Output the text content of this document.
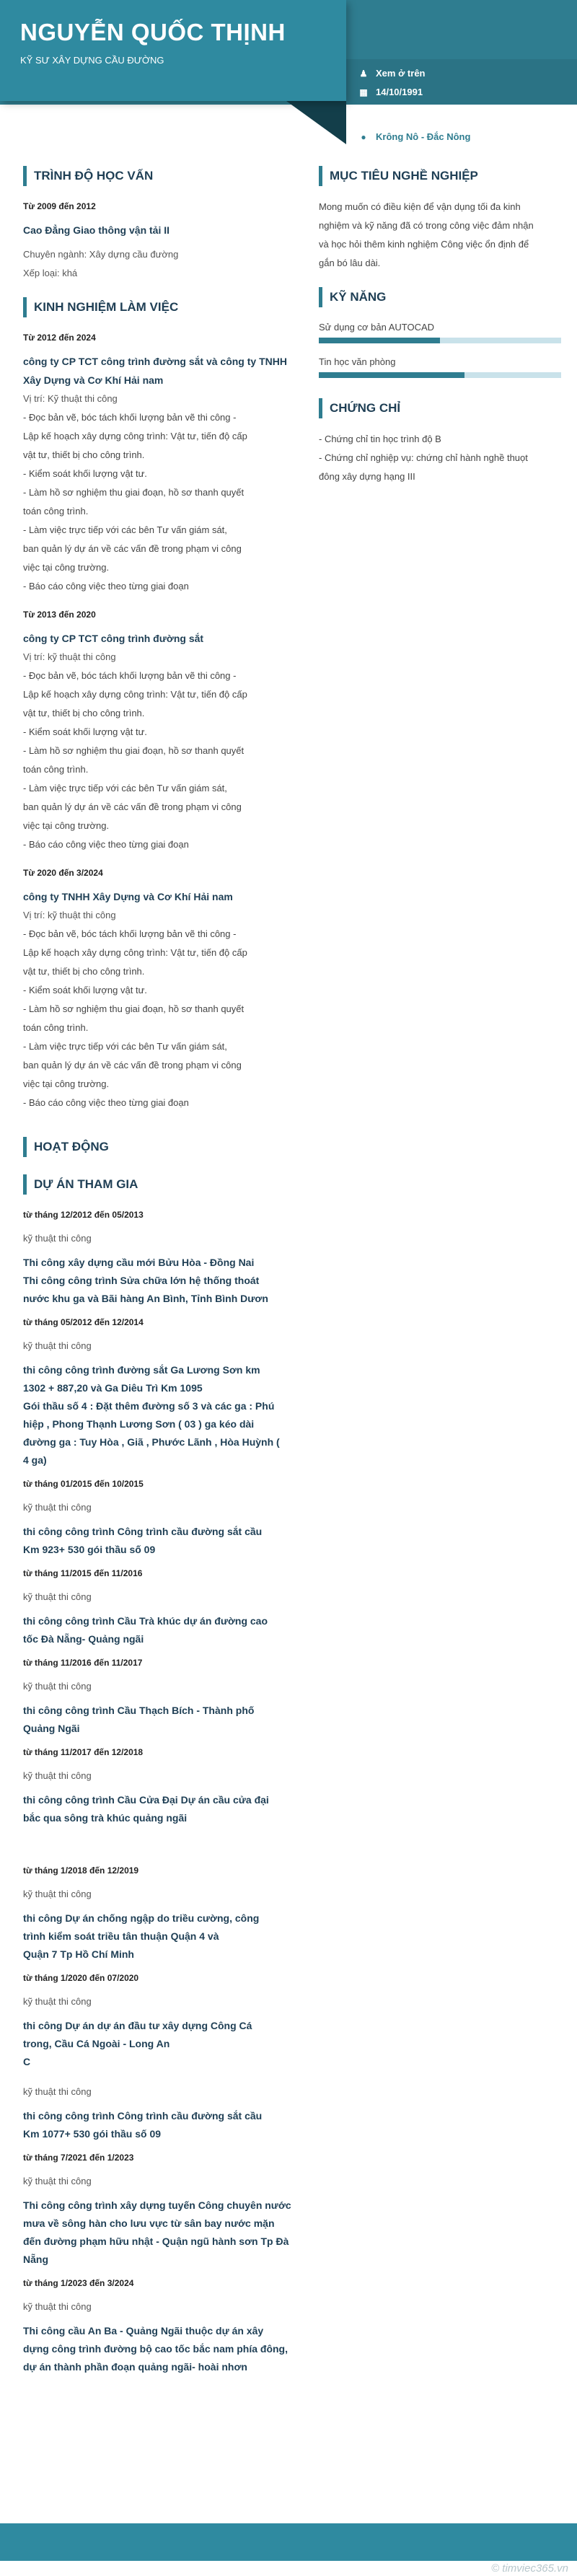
NGUYỄN QUỐC THỊNH
KỸ SƯ XÂY DỰNG CẦU ĐƯỜNG
♟ Xem ở trên
▦ 14/10/1991
✉ Xem ở trên
● Krông Nô - Đắc Nông
TRÌNH ĐỘ HỌC VẤN
Từ 2009 đến 2012
Cao Đẳng Giao thông vận tải II
Chuyên ngành: Xây dựng cầu đường
Xếp loại: khá
KINH NGHIỆM LÀM VIỆC
Từ 2012 đến 2024
công ty CP TCT công trình đường sắt và công ty TNHH Xây Dựng và Cơ Khí Hải nam
Vị trí: Kỹ thuật thi công
- Đọc bản vẽ, bóc tách khối lượng bản vẽ thi công -
Lập kế hoạch xây dựng công trình: Vật tư, tiến độ cấp
vật tư, thiết bị cho công trình.
- Kiểm soát khối lượng vật tư.
- Làm hồ sơ nghiệm thu giai đoạn, hồ sơ thanh quyết
toán công trình.
- Làm việc trực tiếp với các bên Tư vấn giám sát,
ban quản lý dự án về các vấn đề trong phạm vi công
việc tại công trường.
- Báo cáo công việc theo từng giai đoạn
Từ 2013 đến 2020
công ty CP TCT công trình đường sắt
Vị trí: kỹ thuật thi công
- Đọc bản vẽ, bóc tách khối lượng bản vẽ thi công -
Lập kế hoạch xây dựng công trình: Vật tư, tiến độ cấp
vật tư, thiết bị cho công trình.
- Kiểm soát khối lượng vật tư.
- Làm hồ sơ nghiệm thu giai đoạn, hồ sơ thanh quyết
toán công trình.
- Làm việc trực tiếp với các bên Tư vấn giám sát,
ban quản lý dự án về các vấn đề trong phạm vi công
việc tại công trường.
- Báo cáo công việc theo từng giai đoạn
Từ 2020 đến 3/2024
công ty TNHH Xây Dựng và Cơ Khí Hải nam
Vị trí: kỹ thuật thi công
- Đọc bản vẽ, bóc tách khối lượng bản vẽ thi công -
Lập kế hoạch xây dựng công trình: Vật tư, tiến độ cấp
vật tư, thiết bị cho công trình.
- Kiểm soát khối lượng vật tư.
- Làm hồ sơ nghiệm thu giai đoạn, hồ sơ thanh quyết
toán công trình.
- Làm việc trực tiếp với các bên Tư vấn giám sát,
ban quản lý dự án về các vấn đề trong phạm vi công
việc tại công trường.
- Báo cáo công việc theo từng giai đoạn
HOẠT ĐỘNG
DỰ ÁN THAM GIA
từ tháng 12/2012 đến 05/2013
kỹ thuật thi công
Thi công xây dựng cầu mới Bửu Hòa - Đồng Nai
Thi công công trình Sửa chữa lớn hệ thống thoát
nước khu ga và Bãi hàng An Bình, Tỉnh Bình Dươn
từ tháng 05/2012 đến 12/2014
kỹ thuật thi công
thi công công trình đường sắt Ga Lương Sơn km
1302 + 887,20 và Ga Diêu Trì Km 1095
Gói thầu số 4 : Đặt thêm đường số 3 và các ga : Phú
hiệp , Phong Thạnh Lương Sơn ( 03 ) ga kéo dài
đường ga : Tuy Hòa , Giã , Phước Lãnh , Hòa Huỳnh (
4 ga)
từ tháng 01/2015 đến 10/2015
kỹ thuật thi công
thi công công trình Công trình cầu đường sắt cầu
Km 923+ 530 gói thầu số 09
từ tháng 11/2015 đến 11/2016
kỹ thuật thi công
thi công công trình Cầu Trà khúc dự án đường cao
tốc Đà Nẵng- Quảng ngãi
từ tháng 11/2016 đến 11/2017
kỹ thuật thi công
thi công công trình Cầu Thạch Bích - Thành phố
Quảng Ngãi
từ tháng 11/2017 đến 12/2018
kỹ thuật thi công
thi công công trình Cầu Cửa Đại Dự án cầu cửa đại
bắc qua sông trà khúc quảng ngãi
từ tháng 1/2018 đến 12/2019
kỹ thuật thi công
thi công Dự án chống ngập do triều cường, công
trình kiểm soát triều tân thuận Quận 4 và
Quận 7 Tp Hồ Chí Minh
từ tháng 1/2020 đến 07/2020
kỹ thuật thi công
thi công Dự án dự án đầu tư xây dựng Công Cá
trong, Cầu Cá Ngoài - Long An
C
kỹ thuật thi công
thi công công trình Công trình cầu đường sắt cầu
Km 1077+ 530 gói thầu số 09
từ tháng 7/2021 đến 1/2023
kỹ thuật thi công
Thi công công trình xây dựng tuyến Công chuyên nước
mưa về sông hàn cho lưu vực từ sân bay nước mặn
đến đường phạm hữu nhật - Quận ngũ hành sơn Tp Đà
Nẵng
từ tháng 1/2023 đến 3/2024
kỹ thuật thi công
Thi công cầu An Ba - Quảng Ngãi thuộc dự án xây
dựng công trình đường bộ cao tốc bắc nam phía đông,
dự án thành phần đoạn quảng ngãi- hoài nhơn
MỤC TIÊU NGHỀ NGHIỆP
Mong muốn có điều kiện để vận dụng tối đa kinh
nghiệm và kỹ năng đã có trong công việc đảm nhận
và học hỏi thêm kinh nghiệm Công việc ổn định để
gắn bó lâu dài.
KỸ NĂNG
Sử dụng cơ bản AUTOCAD
Tin học văn phòng
CHỨNG CHỈ
- Chứng chỉ tin học trình độ B
- Chứng chỉ nghiệp vụ: chứng chỉ hành nghề thuọt
đông xây dựng hạng III
© timviec365.vn
